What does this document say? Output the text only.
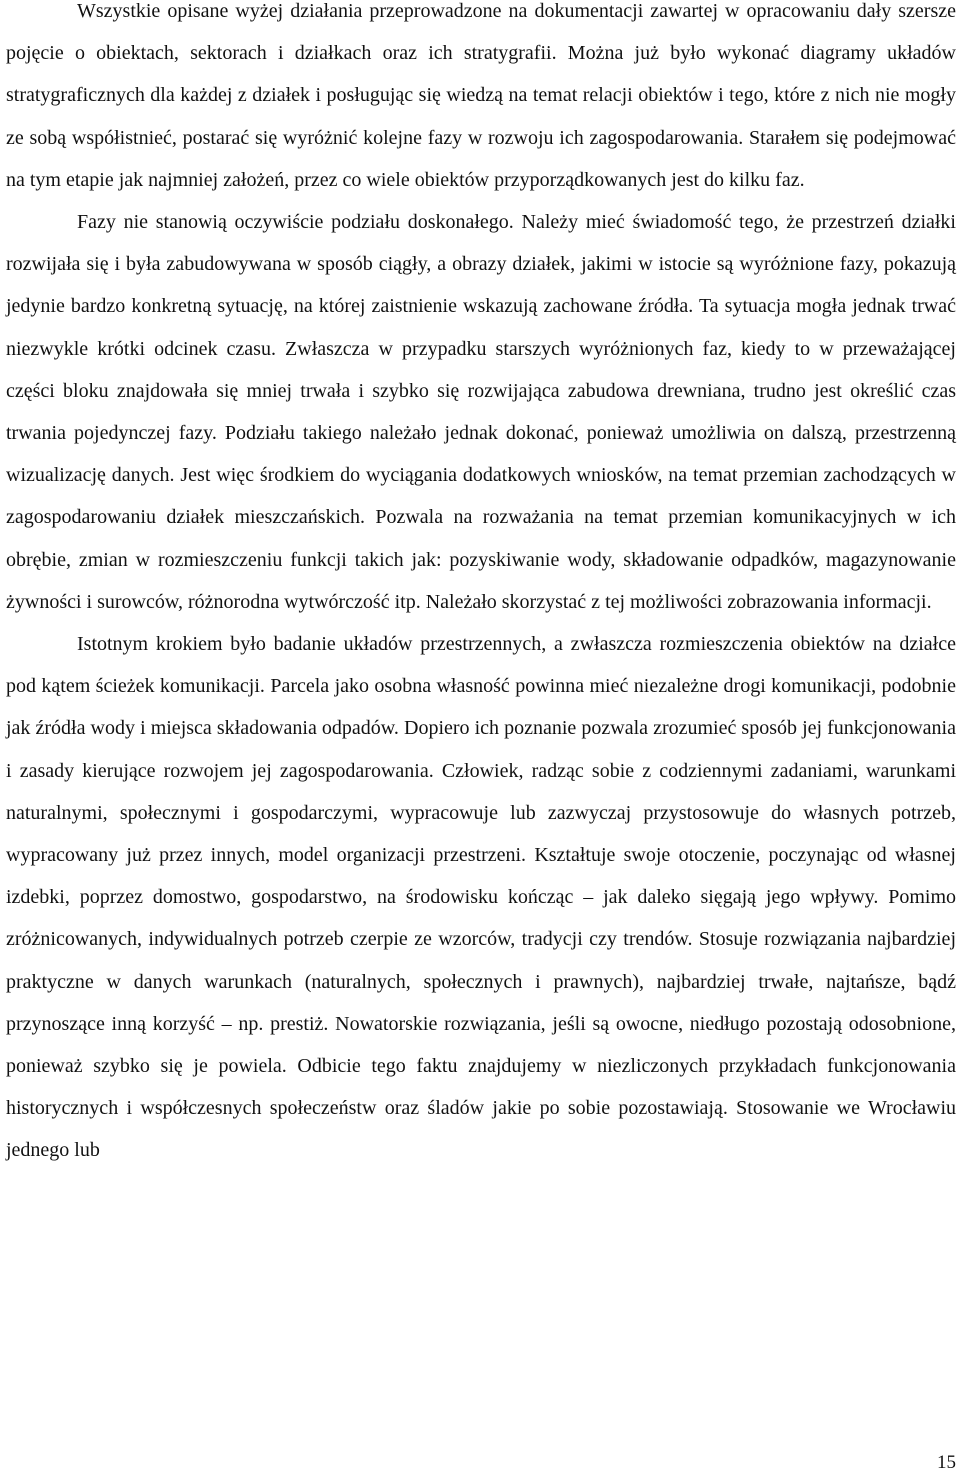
Wszystkie opisane wyżej działania przeprowadzone na dokumentacji zawartej w opracowaniu dały szersze pojęcie o obiektach, sektorach i działkach oraz ich stratygrafii. Można już było wykonać diagramy układów stratygraficznych dla każdej z działek i posługując się wiedzą na temat relacji obiektów i tego, które z nich nie mogły ze sobą współistnieć, postarać się wyróżnić kolejne fazy w rozwoju ich zagospodarowania. Starałem się podejmować na tym etapie jak najmniej założeń, przez co wiele obiektów przyporządkowanych jest do kilku faz.

Fazy nie stanowią oczywiście podziału doskonałego. Należy mieć świadomość tego, że przestrzeń działki rozwijała się i była zabudowywana w sposób ciągły, a obrazy działek, jakimi w istocie są wyróżnione fazy, pokazują jedynie bardzo konkretną sytuację, na której zaistnienie wskazują zachowane źródła. Ta sytuacja mogła jednak trwać niezwykle krótki odcinek czasu. Zwłaszcza w przypadku starszych wyróżnionych faz, kiedy to w przeważającej części bloku znajdowała się mniej trwała i szybko się rozwijająca zabudowa drewniana, trudno jest określić czas trwania pojedynczej fazy. Podziału takiego należało jednak dokonać, ponieważ umożliwia on dalszą, przestrzenną wizualizację danych. Jest więc środkiem do wyciągania dodatkowych wniosków, na temat przemian zachodzących w zagospodarowaniu działek mieszczańskich. Pozwala na rozważania na temat przemian komunikacyjnych w ich obrębie, zmian w rozmieszczeniu funkcji takich jak: pozyskiwanie wody, składowanie odpadków, magazynowanie żywności i surowców, różnorodna wytwórczość itp. Należało skorzystać z tej możliwości zobrazowania informacji.

Istotnym krokiem było badanie układów przestrzennych, a zwłaszcza rozmieszczenia obiektów na działce pod kątem ścieżek komunikacji. Parcela jako osobna własność powinna mieć niezależne drogi komunikacji, podobnie jak źródła wody i miejsca składowania odpadów. Dopiero ich poznanie pozwala zrozumieć sposób jej funkcjonowania i zasady kierujące rozwojem jej zagospodarowania. Człowiek, radząc sobie z codziennymi zadaniami, warunkami naturalnymi, społecznymi i gospodarczymi, wypracowuje lub zazwyczaj przystosowuje do własnych potrzeb, wypracowany już przez innych, model organizacji przestrzeni. Kształtuje swoje otoczenie, poczynając od własnej izdebki, poprzez domostwo, gospodarstwo, na środowisku kończąc – jak daleko sięgają jego wpływy. Pomimo zróżnicowanych, indywidualnych potrzeb czerpie ze wzorców, tradycji czy trendów. Stosuje rozwiązania najbardziej praktyczne w danych warunkach (naturalnych, społecznych i prawnych), najbardziej trwałe, najtańsze, bądź przynoszące inną korzyść – np. prestiż. Nowatorskie rozwiązania, jeśli są owocne, niedługo pozostają odosobnione, ponieważ szybko się je powiela. Odbicie tego faktu znajdujemy w niezliczonych przykładach funkcjonowania historycznych i współczesnych społeczeństw oraz śladów jakie po sobie pozostawiają. Stosowanie we Wrocławiu jednego lub

15
